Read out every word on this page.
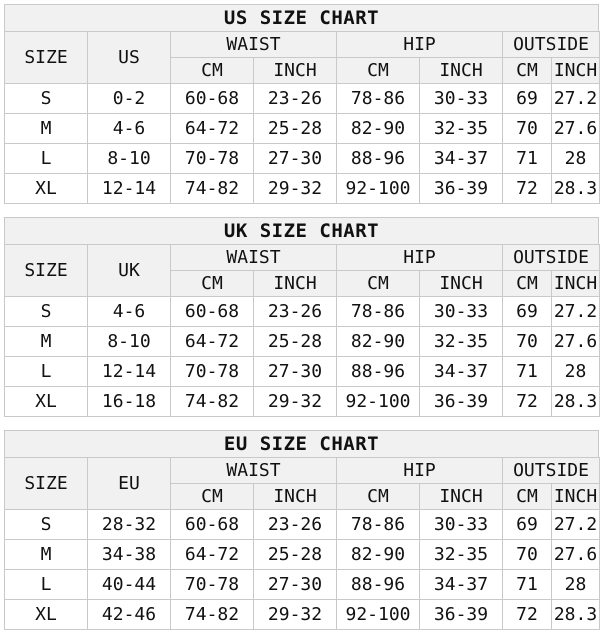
US SIZE CHART
SIZE	US	WAIST		HIP		OUTSIDE	
		CM	INCH	CM	INCH	CM	INCH
S	0-2	60-68	23-26	78-86	30-33	69	27.2
M	4-6	64-72	25-28	82-90	32-35	70	27.6
L	8-10	70-78	27-30	88-96	34-37	71	28
XL	12-14	74-82	29-32	92-100	36-39	72	28.3
UK SIZE CHART
SIZE	UK	WAIST		HIP		OUTSIDE	
		CM	INCH	CM	INCH	CM	INCH
S	4-6	60-68	23-26	78-86	30-33	69	27.2
M	8-10	64-72	25-28	82-90	32-35	70	27.6
L	12-14	70-78	27-30	88-96	34-37	71	28
XL	16-18	74-82	29-32	92-100	36-39	72	28.3
EU SIZE CHART
SIZE	EU	WAIST		HIP		OUTSIDE	
		CM	INCH	CM	INCH	CM	INCH
S	28-32	60-68	23-26	78-86	30-33	69	27.2
M	34-38	64-72	25-28	82-90	32-35	70	27.6
L	40-44	70-78	27-30	88-96	34-37	71	28
XL	42-46	74-82	29-32	92-100	36-39	72	28.3
